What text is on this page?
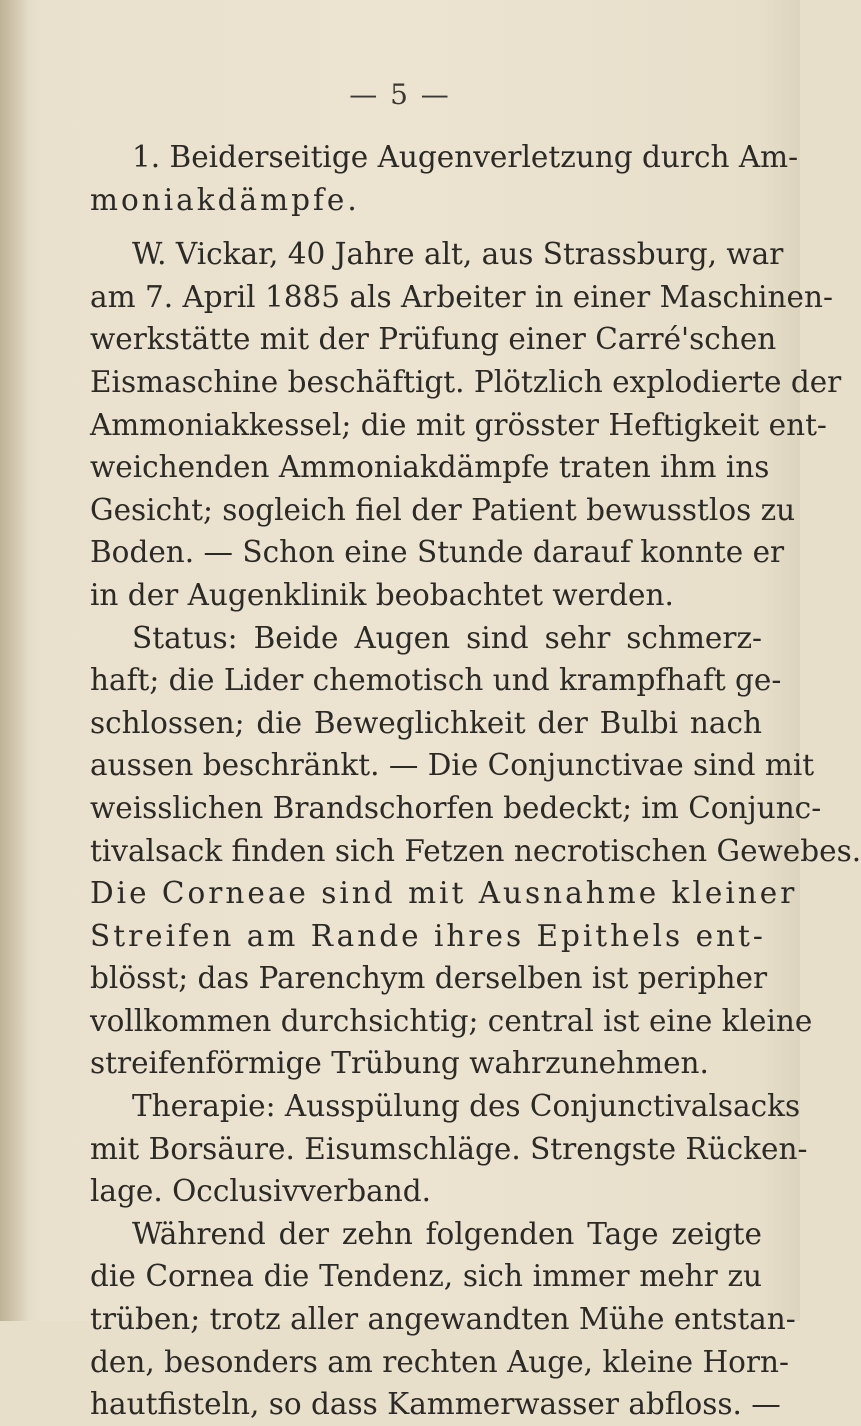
— 5 —
1. Beiderseitige Augenverletzung durch Am-
moniakdämpfe.
W. Vickar, 40 Jahre alt, aus Strassburg, war
am 7. April 1885 als Arbeiter in einer Maschinen-
werkstätte mit der Prüfung einer Carré'schen
Eismaschine beschäftigt. Plötzlich explodierte der
Ammoniakkessel; die mit grösster Heftigkeit ent-
weichenden Ammoniakdämpfe traten ihm ins
Gesicht; sogleich fiel der Patient bewusstlos zu
Boden. — Schon eine Stunde darauf konnte er
in der Augenklinik beobachtet werden.
Status: Beide Augen sind sehr schmerz-
haft; die Lider chemotisch und krampfhaft ge-
schlossen; die Beweglichkeit der Bulbi nach
aussen beschränkt. — Die Conjunctivae sind mit
weisslichen Brandschorfen bedeckt; im Conjunc-
tivalsack finden sich Fetzen necrotischen Gewebes.
Die Corneae sind mit Ausnahme kleiner
Streifen am Rande ihres Epithels ent-
blösst; das Parenchym derselben ist peripher
vollkommen durchsichtig; central ist eine kleine
streifenförmige Trübung wahrzunehmen.
Therapie: Ausspülung des Conjunctivalsacks
mit Borsäure. Eisumschläge. Strengste Rücken-
lage. Occlusivverband.
Während der zehn folgenden Tage zeigte
die Cornea die Tendenz, sich immer mehr zu
trüben; trotz aller angewandten Mühe entstan-
den, besonders am rechten Auge, kleine Horn-
hautfisteln, so dass Kammerwasser abfloss. —
